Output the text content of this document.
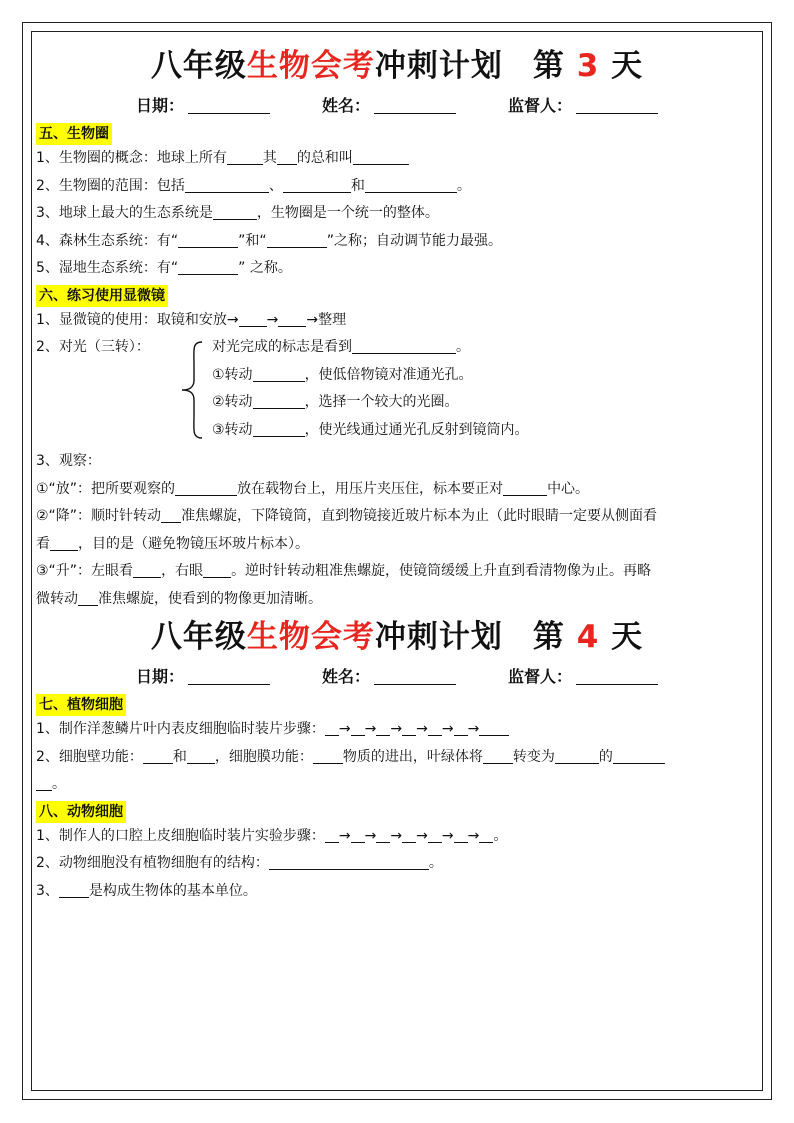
八年级生物会考冲刺计划 第 3 天
日期：	姓名：	监督人：
五、生物圈
1、生物圈的概念：地球上所有	其 的总和叫
2、生物圈的范围：包括	、	和	。
3、地球上最大的生态系统是	，生物圈是一个统一的整体。
4、森林生态系统：有“	”和“	”之称；自动调节能力最强。
5、湿地生态系统：有“	” 之称。
六、练习使用显微镜
1、显微镜的使用：取镜和安放→ → →整理
2、对光（三转）：	对光完成的标志是看到	。
①转动	，使低倍物镜对准通光孔。
②转动	，选择一个较大的光圈。
③转动	，使光线通过通光孔反射到镜筒内。
3、观察：
①“放”：把所要观察的	放在载物台上，用压片夹压住，标本要正对	中心。
②“降”：顺时针转动 准焦螺旋，下降镜筒，直到物镜接近玻片标本为止（此时眼睛一定要从侧面看
看 ，目的是（避免物镜压坏玻片标本）。
③“升”：左眼看 ，右眼 。逆时针转动粗准焦螺旋，使镜筒缓缓上升直到看清物像为止。再略
微转动 准焦螺旋，使看到的物像更加清晰。
八年级生物会考冲刺计划 第 4 天
日期：	姓名：	监督人：
七、植物细胞
1、制作洋葱鳞片叶内表皮细胞临时装片步骤： → → → → → →
2、细胞壁功能： 和 ，细胞膜功能： 物质的进出，叶绿体将 转变为	的
。
八、动物细胞
1、制作人的口腔上皮细胞临时装片实验步骤： → → → → → → 。
2、动物细胞没有植物细胞有的结构：	。
3、 是构成生物体的基本单位。
